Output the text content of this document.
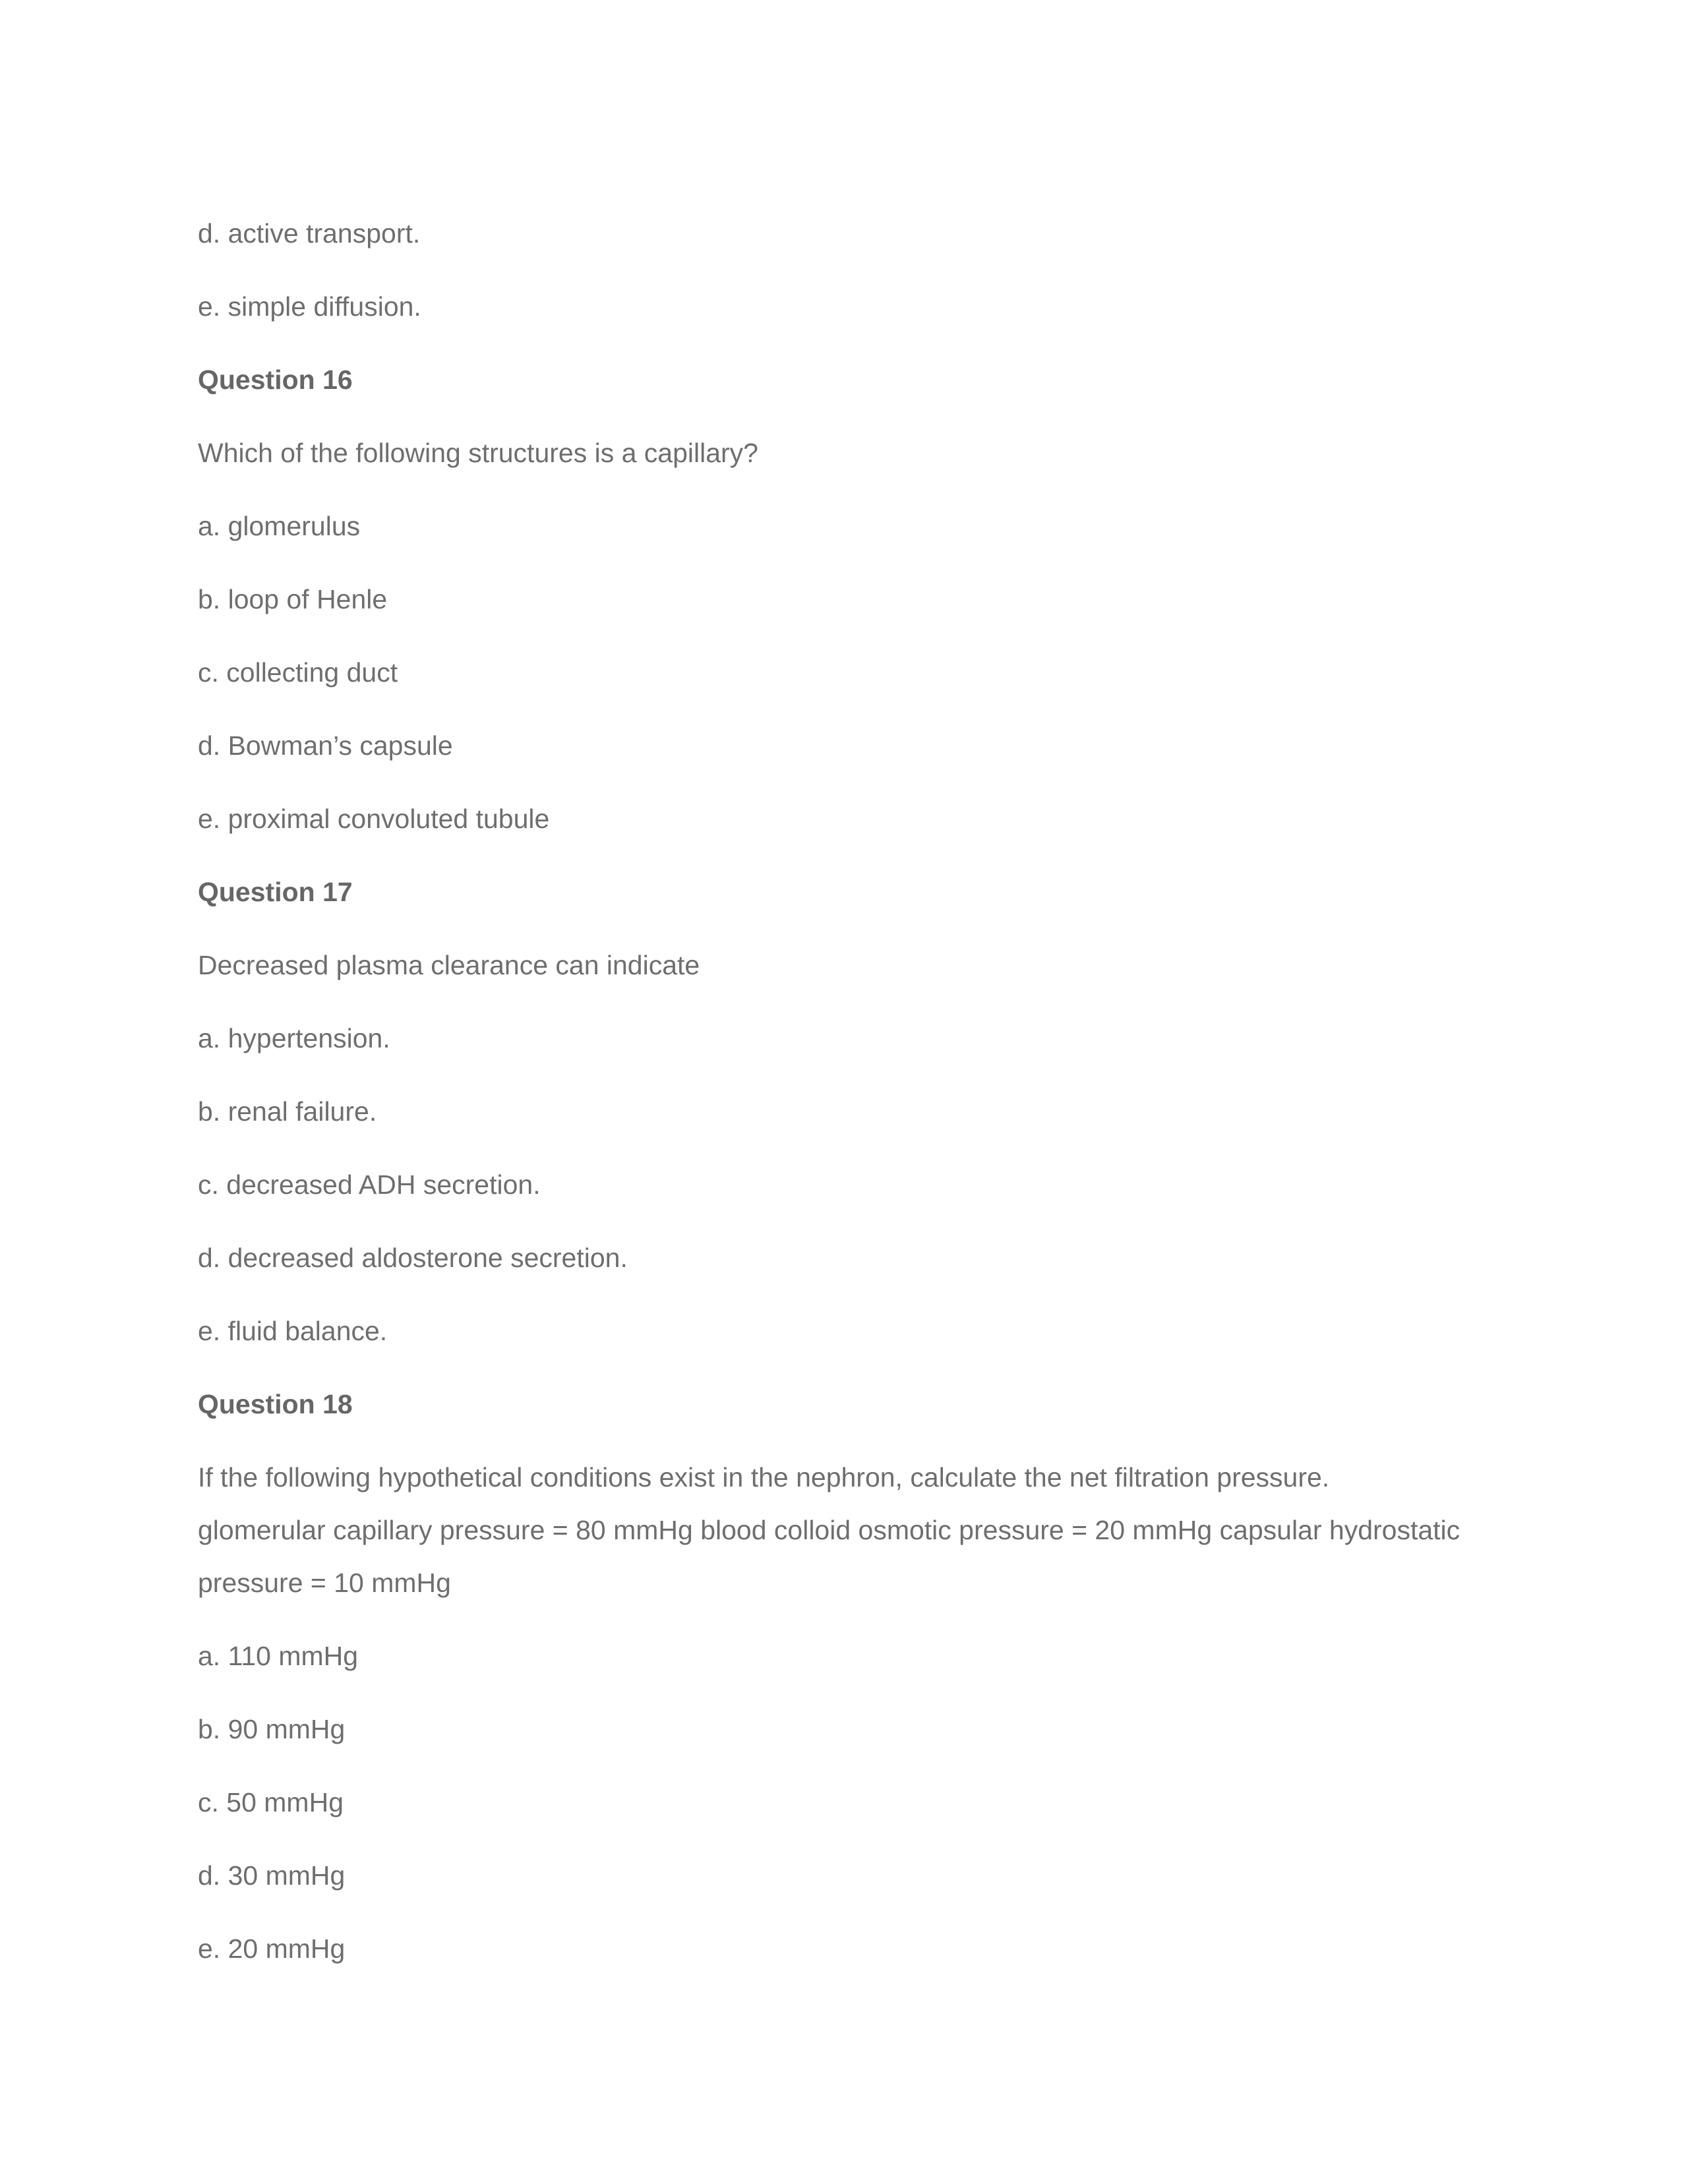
d. active transport.
e. simple diffusion.
Question 16
Which of the following structures is a capillary?
a. glomerulus
b. loop of Henle
c. collecting duct
d. Bowman’s capsule
e. proximal convoluted tubule
Question 17
Decreased plasma clearance can indicate
a. hypertension.
b. renal failure.
c. decreased ADH secretion.
d. decreased aldosterone secretion.
e. fluid balance.
Question 18
If the following hypothetical conditions exist in the nephron, calculate the net filtration pressure.
glomerular capillary pressure = 80 mmHg blood colloid osmotic pressure = 20 mmHg capsular hydrostatic
pressure = 10 mmHg
a. 110 mmHg
b. 90 mmHg
c. 50 mmHg
d. 30 mmHg
e. 20 mmHg
